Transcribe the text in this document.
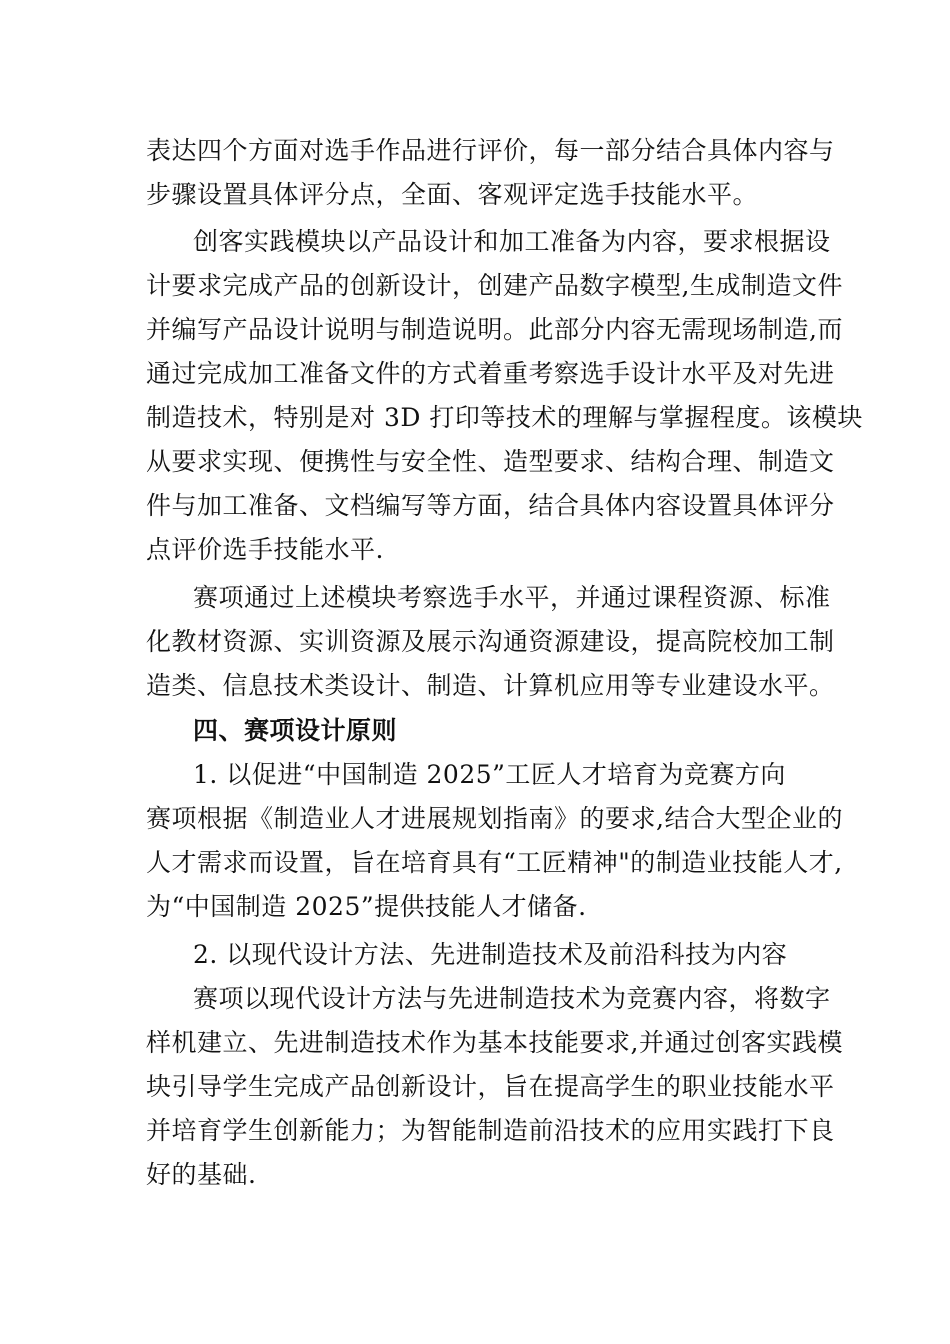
表达四个方面对选手作品进行评价，每一部分结合具体内容与
步骤设置具体评分点，全面、客观评定选手技能水平。
创客实践模块以产品设计和加工准备为内容，要求根据设
计要求完成产品的创新设计，创建产品数字模型,生成制造文件
并编写产品设计说明与制造说明。此部分内容无需现场制造,而
通过完成加工准备文件的方式着重考察选手设计水平及对先进
制造技术，特别是对 3D 打印等技术的理解与掌握程度。该模块
从要求实现、便携性与安全性、造型要求、结构合理、制造文
件与加工准备、文档编写等方面，结合具体内容设置具体评分
点评价选手技能水平.
赛项通过上述模块考察选手水平，并通过课程资源、标准
化教材资源、实训资源及展示沟通资源建设，提高院校加工制
造类、信息技术类设计、制造、计算机应用等专业建设水平。
四、赛项设计原则
1. 以促进“中国制造 2025”工匠人才培育为竞赛方向
赛项根据《制造业人才进展规划指南》的要求,结合大型企业的
人才需求而设置，旨在培育具有“工匠精神"的制造业技能人才,
为“中国制造 2025”提供技能人才储备.
2. 以现代设计方法、先进制造技术及前沿科技为内容
赛项以现代设计方法与先进制造技术为竞赛内容，将数字
样机建立、先进制造技术作为基本技能要求,并通过创客实践模
块引导学生完成产品创新设计，旨在提高学生的职业技能水平
并培育学生创新能力；为智能制造前沿技术的应用实践打下良
好的基础.
